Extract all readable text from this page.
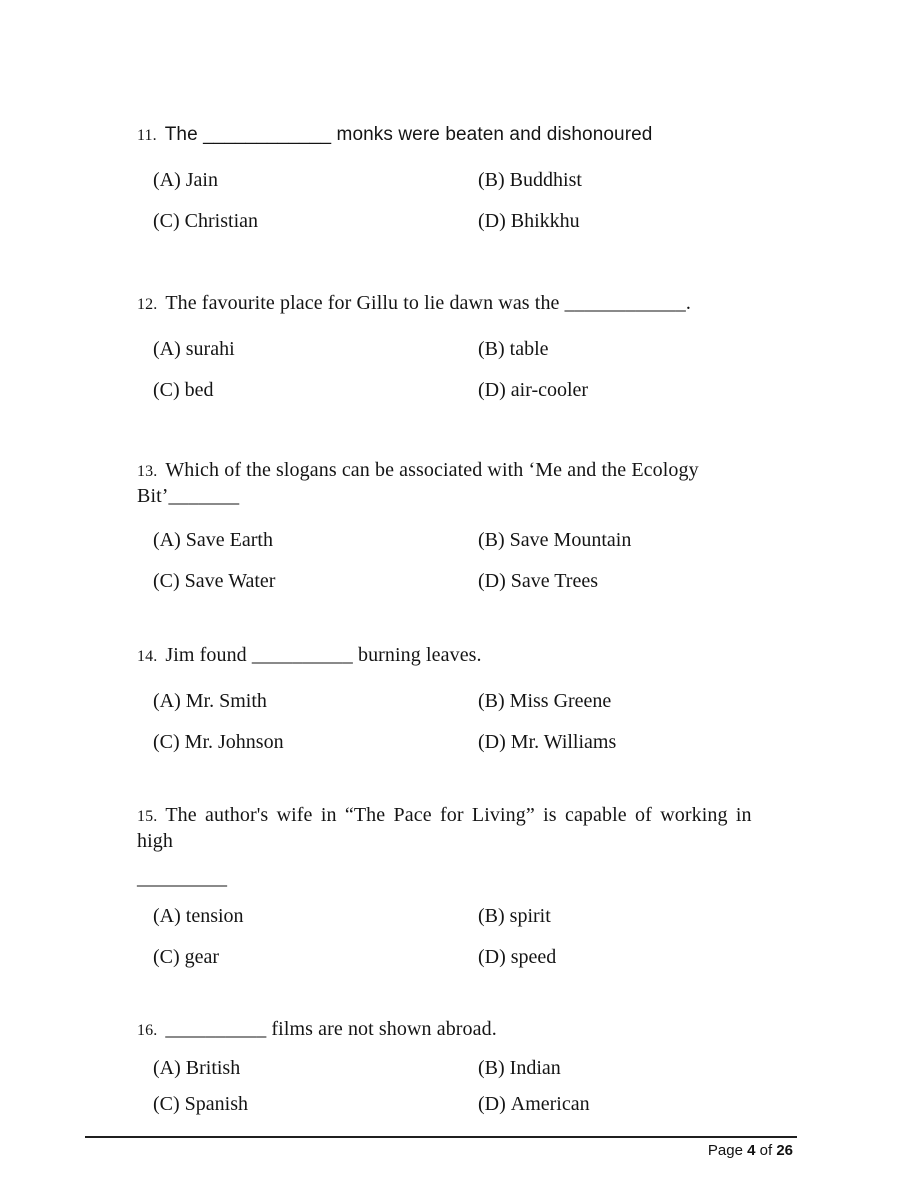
11. The ____________ monks were beaten and dishonoured
(A) Jain	(B) Buddhist
(C) Christian	(D) Bhikkhu
12. The favourite place for Gillu to lie dawn was the ____________.
(A) surahi	(B) table
(C) bed	(D) air-cooler
13. Which of the slogans can be associated with ‘Me and the Ecology Bit’_______
(A) Save Earth	(B) Save Mountain
(C) Save Water	(D) Save Trees
14. Jim found __________ burning leaves.
(A) Mr. Smith	(B) Miss Greene
(C) Mr. Johnson	(D) Mr. Williams
15. The author's wife in “The Pace for Living” is capable of working in high
_________
(A) tension	(B) spirit
(C) gear	(D) speed
16. __________ films are not shown abroad.
(A) British	(B) Indian
(C) Spanish	(D) American
Page 4 of 26
